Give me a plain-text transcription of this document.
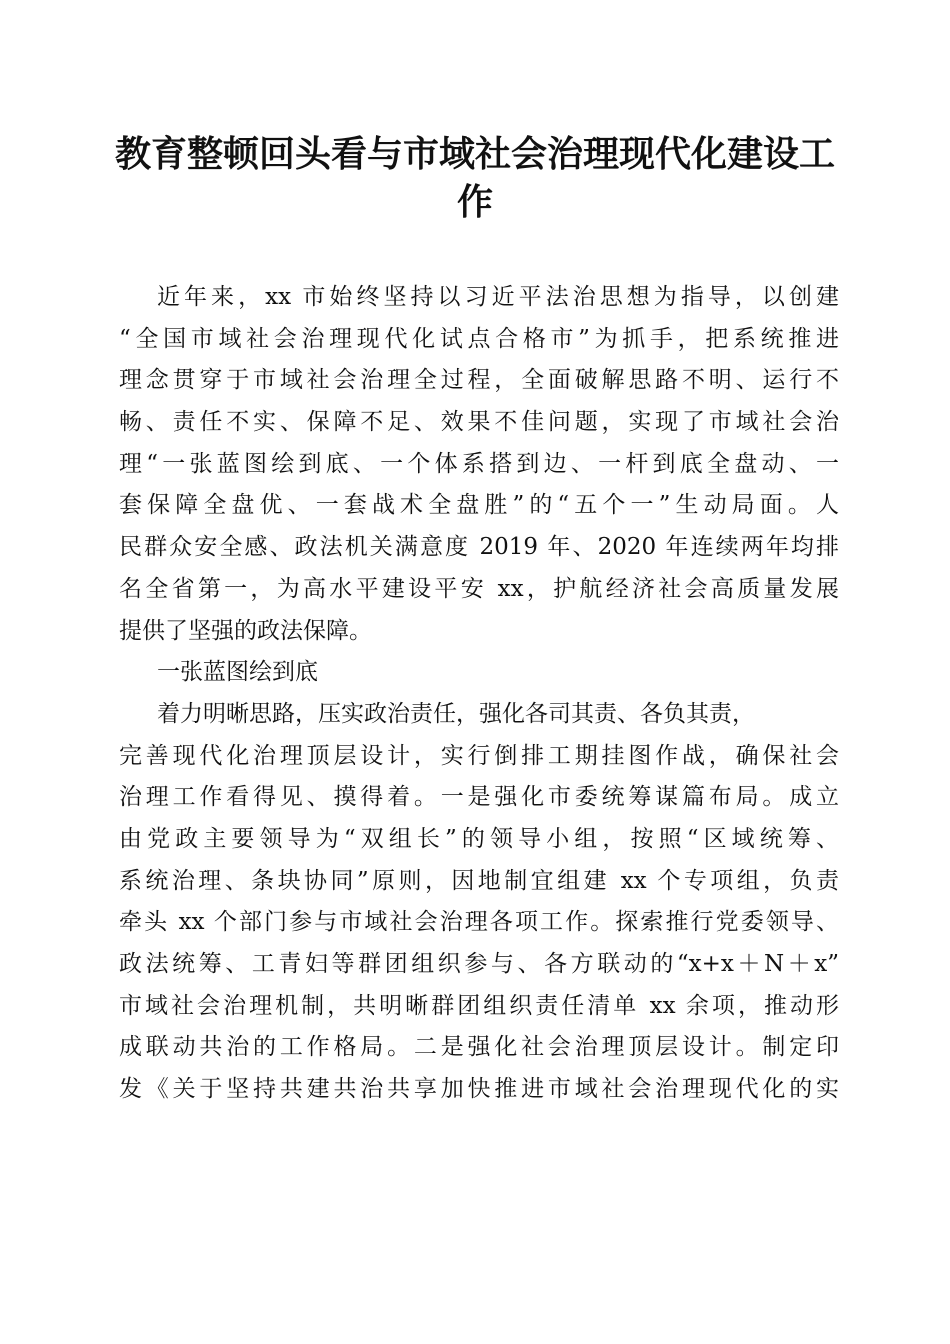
教育整顿回头看与市域社会治理现代化建设工
作
近年来，xx 市始终坚持以习近平法治思想为指导，以创建
“全国市域社会治理现代化试点合格市”为抓手，把系统推进
理念贯穿于市域社会治理全过程，全面破解思路不明、运行不
畅、责任不实、保障不足、效果不佳问题，实现了市域社会治
理“一张蓝图绘到底、一个体系搭到边、一杆到底全盘动、一
套保障全盘优、一套战术全盘胜”的“五个一”生动局面。人
民群众安全感、政法机关满意度 2019 年、2020 年连续两年均排
名全省第一，为高水平建设平安 xx，护航经济社会高质量发展
提供了坚强的政法保障。
一张蓝图绘到底
着力明晰思路，压实政治责任，强化各司其责、各负其责，
完善现代化治理顶层设计，实行倒排工期挂图作战，确保社会
治理工作看得见、摸得着。一是强化市委统筹谋篇布局。成立
由党政主要领导为“双组长”的领导小组，按照“区域统筹、
系统治理、条块协同”原则，因地制宜组建 xx 个专项组，负责
牵头 xx 个部门参与市域社会治理各项工作。探索推行党委领导、
政法统筹、工青妇等群团组织参与、各方联动的“x+x＋N＋x”
市域社会治理机制，共明晰群团组织责任清单 xx 余项，推动形
成联动共治的工作格局。二是强化社会治理顶层设计。制定印
发《关于坚持共建共治共享加快推进市域社会治理现代化的实
